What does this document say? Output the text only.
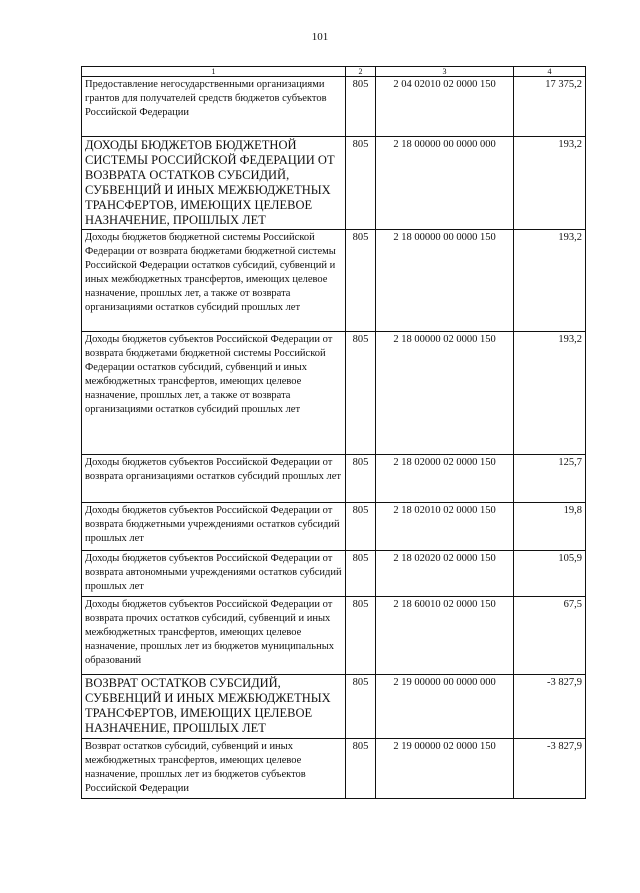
101
1	2	3	4
Предоставление негосударственными организациями грантов для получателей средств бюджетов субъектов Российской Федерации	805	2 04 02010 02 0000 150	17 375,2
ДОХОДЫ БЮДЖЕТОВ БЮДЖЕТНОЙ СИСТЕМЫ РОССИЙСКОЙ ФЕДЕРАЦИИ ОТ ВОЗВРАТА ОСТАТКОВ СУБСИДИЙ, СУБВЕНЦИЙ И ИНЫХ МЕЖБЮДЖЕТНЫХ ТРАНСФЕРТОВ, ИМЕЮЩИХ ЦЕЛЕВОЕ НАЗНАЧЕНИЕ, ПРОШЛЫХ ЛЕТ	805	2 18 00000 00 0000 000	193,2
Доходы бюджетов бюджетной системы Российской Федерации от возврата бюджетами бюджетной системы Российской Федерации остатков субсидий, субвенций и иных межбюджетных трансфертов, имеющих целевое назначение, прошлых лет, а также от возврата организациями остатков субсидий прошлых лет	805	2 18 00000 00 0000 150	193,2
Доходы бюджетов субъектов Российской Федерации от возврата бюджетами бюджетной системы Российской Федерации остатков субсидий, субвенций и иных межбюджетных трансфертов, имеющих целевое назначение, прошлых лет, а также от возврата организациями остатков субсидий прошлых лет	805	2 18 00000 02 0000 150	193,2
Доходы бюджетов субъектов Российской Федерации от возврата организациями остатков субсидий прошлых лет	805	2 18 02000 02 0000 150	125,7
Доходы бюджетов субъектов Российской Федерации от возврата бюджетными учреждениями остатков субсидий прошлых лет	805	2 18 02010 02 0000 150	19,8
Доходы бюджетов субъектов Российской Федерации от возврата автономными учреждениями остатков субсидий прошлых лет	805	2 18 02020 02 0000 150	105,9
Доходы бюджетов субъектов Российской Федерации от возврата прочих остатков субсидий, субвенций и иных межбюджетных трансфертов, имеющих целевое назначение, прошлых лет из бюджетов муниципальных образований	805	2 18 60010 02 0000 150	67,5
ВОЗВРАТ ОСТАТКОВ СУБСИДИЙ, СУБВЕНЦИЙ И ИНЫХ МЕЖБЮДЖЕТНЫХ ТРАНСФЕРТОВ, ИМЕЮЩИХ ЦЕЛЕВОЕ НАЗНАЧЕНИЕ, ПРОШЛЫХ ЛЕТ	805	2 19 00000 00 0000 000	-3 827,9
Возврат остатков субсидий, субвенций и иных межбюджетных трансфертов, имеющих целевое назначение, прошлых лет из бюджетов субъектов Российской Федерации	805	2 19 00000 02 0000 150	-3 827,9
